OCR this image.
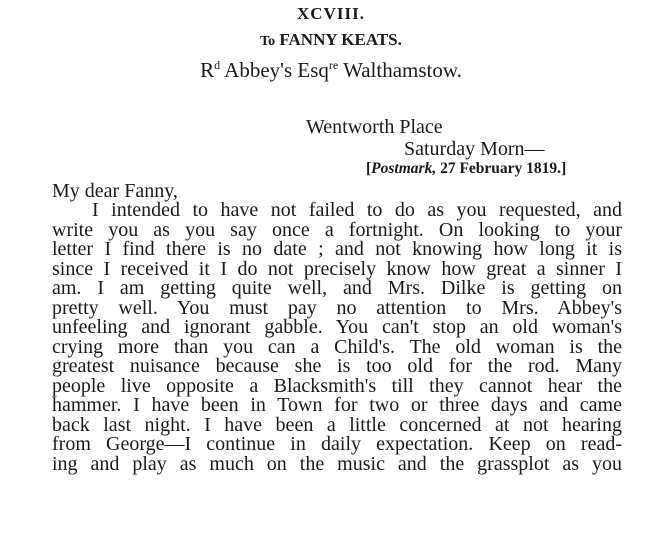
XCVIII.
To FANNY KEATS.
$R^d$ Abbey's Esq$^{re}$ Walthamstow.
Wentworth Place
Saturday Morn—
[Postmark, 27 February 1819.]
My dear Fanny,
I intended to have not failed to do as you requested, and
write you as you say once a fortnight. On looking to your
letter I find there is no date ; and not knowing how long it is
since I received it I do not precisely know how great a sinner I
am. I am getting quite well, and Mrs. Dilke is getting on
pretty well. You must pay no attention to Mrs. Abbey's
unfeeling and ignorant gabble. You can't stop an old woman's
crying more than you can a Child's. The old woman is the
greatest nuisance because she is too old for the rod. Many
people live opposite a Blacksmith's till they cannot hear the
hammer. I have been in Town for two or three days and came
back last night. I have been a little concerned at not hearing
from George—I continue in daily expectation. Keep on read-
ing and play as much on the music and the grassplot as you
